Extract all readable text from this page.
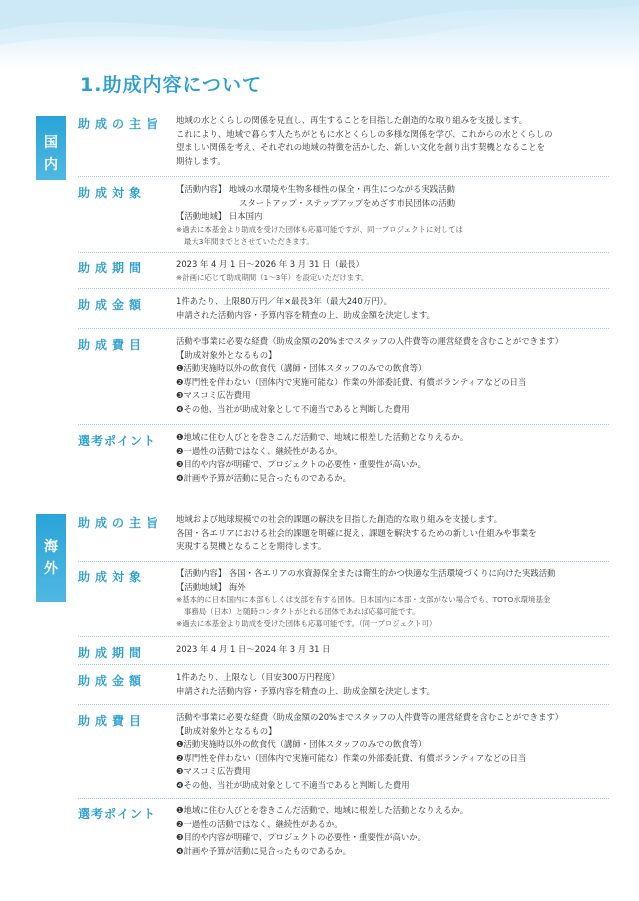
1.助成内容について
国
内
助成の主旨	地域の水とくらしの関係を見直し、再生することを目指した創造的な取り組みを支援します。
これにより、地域で暮らす人たちがともに水とくらしの多様な関係を学び、これからの水とくらしの
望ましい関係を考え、それぞれの地域の特徴を活かした、新しい文化を創り出す契機となることを
期待します。
助成対象	【活動内容】 地域の水環境や生物多様性の保全・再生につながる実践活動
スタートアップ・ステップアップをめざす市民団体の活動
【活動地域】 日本国内
※過去に本基金より助成を受けた団体も応募可能ですが、同一プロジェクトに対しては
最大3年間までとさせていただきます。
助成期間	2023 年 4 月 1 日〜2026 年 3 月 31 日（最長）
※計画に応じて助成期間（1〜3年）を設定いただけます。
助成金額	1件あたり、上限80万円／年×最長3年（最大240万円）。
申請された活動内容・予算内容を精査の上、助成金額を決定します。
助成費目	活動や事業に必要な経費（助成金額の20%までスタッフの人件費等の運営経費を含むことができます）
【助成対象外となるもの】
❶活動実施時以外の飲食代（講師・団体スタッフのみでの飲食等）
❷専門性を伴わない（団体内で実施可能な）作業の外部委託費、有償ボランティアなどの日当
❸マスコミ広告費用
❹その他、当社が助成対象として不適当であると判断した費用
選考ポイント	❶地域に住む人びとを巻きこんだ活動で、地域に根差した活動となりえるか。
❷一過性の活動ではなく、継続性があるか。
❸目的や内容が明確で、プロジェクトの必要性・重要性が高いか。
❹計画や予算が活動に見合ったものであるか。
海
外
助成の主旨	地域および地球規模での社会的課題の解決を目指した創造的な取り組みを支援します。
各国・各エリアにおける社会的課題を明確に捉え、課題を解決するための新しい仕組みや事業を
実現する契機となることを期待します。
助成対象	【活動内容】 各国・各エリアの水資源保全または衛生的かつ快適な生活環境づくりに向けた実践活動
【活動地域】 海外
※基本的に日本国内に本部もしくは支部を有する団体。日本国内に本部・支部がない場合でも、TOTO水環境基金
事務局（日本）と随時コンタクトがとれる団体であれば応募可能です。
※過去に本基金より助成を受けた団体も応募可能です。（同一プロジェクト可）
助成期間	2023 年 4 月 1 日〜2024 年 3 月 31 日
助成金額	1件あたり、上限なし（目安300万円程度）
申請された活動内容・予算内容を精査の上、助成金額を決定します。
助成費目	活動や事業に必要な経費（助成金額の20%までスタッフの人件費等の運営経費を含むことができます）
【助成対象外となるもの】
❶活動実施時以外の飲食代（講師・団体スタッフのみでの飲食等）
❷専門性を伴わない（団体内で実施可能な）作業の外部委託費、有償ボランティアなどの日当
❸マスコミ広告費用
❹その他、当社が助成対象として不適当であると判断した費用
選考ポイント	❶地域に住む人びとを巻きこんだ活動で、地域に根差した活動となりえるか。
❷一過性の活動ではなく、継続性があるか。
❸目的や内容が明確で、プロジェクトの必要性・重要性が高いか。
❹計画や予算が活動に見合ったものであるか。
